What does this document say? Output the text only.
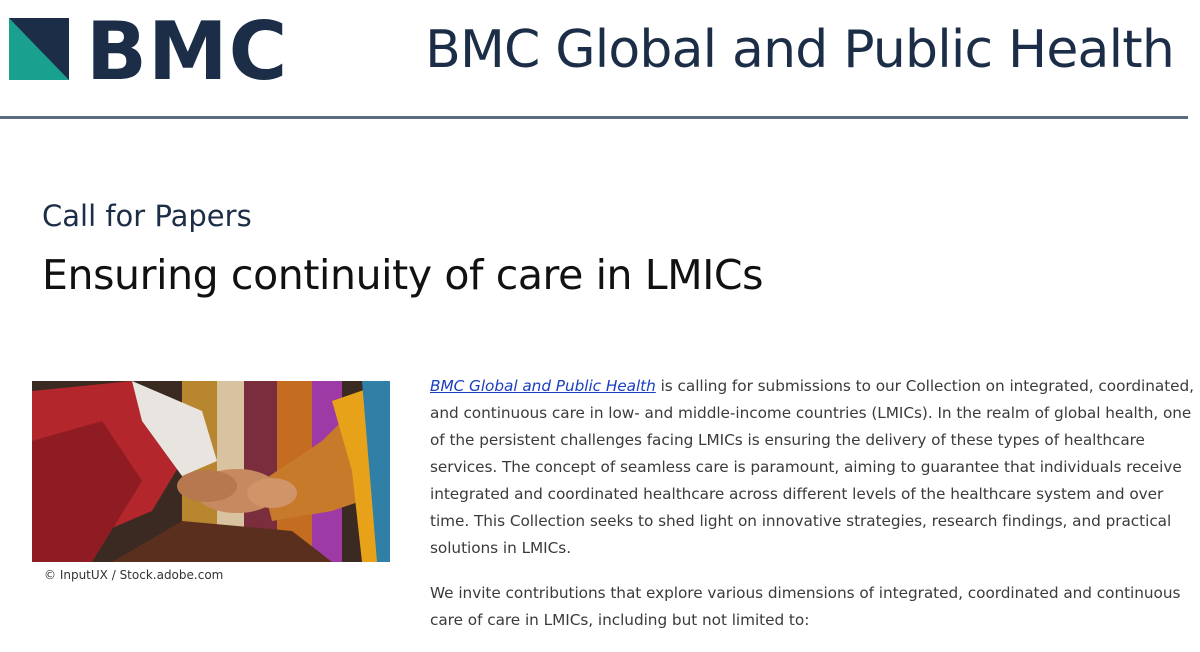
BMC	BMC Global and Public Health
Call for Papers
Ensuring continuity of care in LMICs
© InputUX / Stock.adobe.com

BMC Global and Public Health is calling for submissions to our Collection on integrated, coordinated, and continuous care in low- and middle-income countries (LMICs). In the realm of global health, one of the persistent challenges facing LMICs is ensuring the delivery of these types of healthcare services. The concept of seamless care is paramount, aiming to guarantee that individuals receive integrated and coordinated healthcare across different levels of the healthcare system and over time. This Collection seeks to shed light on innovative strategies, research findings, and practical solutions in LMICs.

We invite contributions that explore various dimensions of integrated, coordinated and continuous care of care in LMICs, including but not limited to:
